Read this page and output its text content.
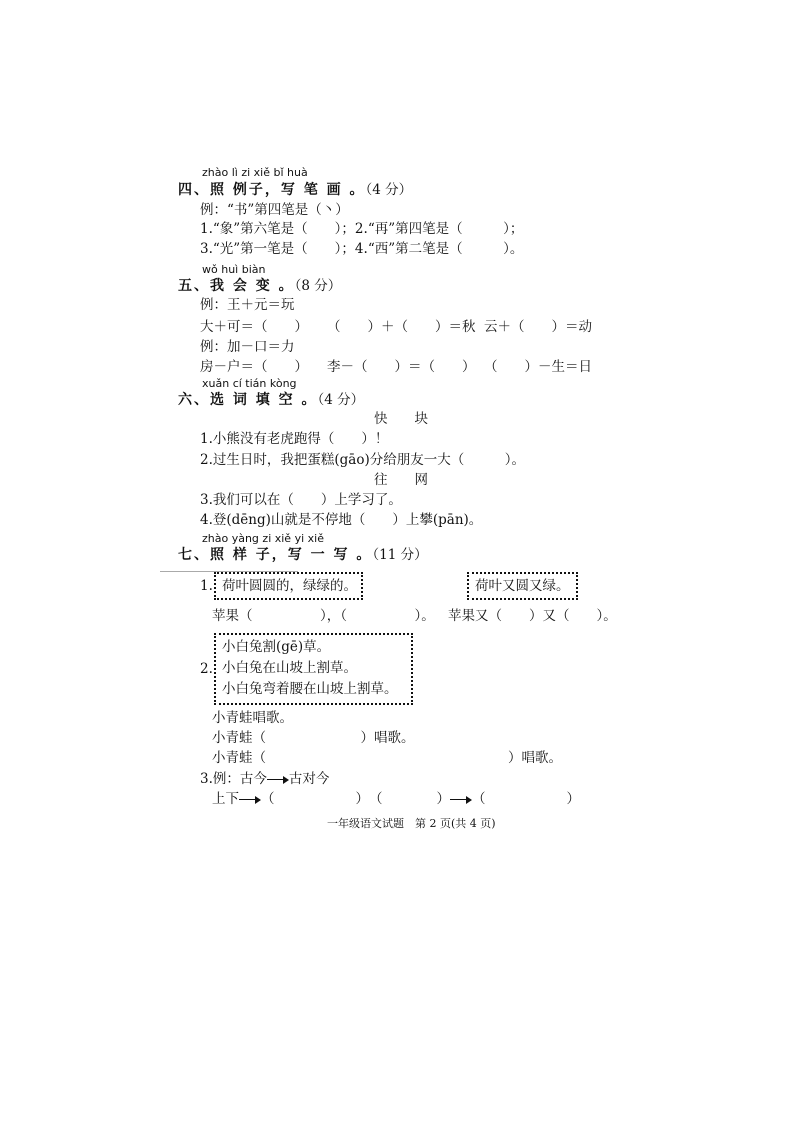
zhào lì zi xiě bǐ huà
四、照 例子，写 笔 画 。（4 分）
例：“书”第四笔是（丶）
1.“象”第六笔是（　　）；2.“再”第四笔是（　　　）；
3.“光”第一笔是（　　）；4.“西”第二笔是（　　　）。
wǒ huì biàn
五、我 会 变 。（8 分）
例：王＋元＝玩
大＋可＝（　　） （　　）＋（　　）＝秋 云＋（　　）＝动
例：加－口＝力
房－户＝（　　） 李－（　　）＝（　　） （　　）－生＝日
xuǎn cí tián kòng
六、选 词 填 空 。（4 分）
快　　块
1.小熊没有老虎跑得（　　）！
2.过生日时，我把蛋糕(gāo)分给朋友一大（　　　）。
往　　网
3.我们可以在（　　）上学习了。
4.登(dēng)山就是不停地（　　）上攀(pān)。
zhào yàng zi xiě yi xiě
七、照 样 子，写 一 写 。（11 分）
1. 荷叶圆圆的，绿绿的。	荷叶又圆又绿。
苹果（　　　　　），（　　　　　）。 苹果又（　　）又（　　）。
2.
小白兔割(gē)草。
小白兔在山坡上割草。
小白兔弯着腰在山坡上割草。
小青蛙唱歌。
小青蛙（　　　　　　　）唱歌。
小青蛙（	）唱歌。
3.例：古今 古对今
上下 （　　　　　　）　（　　　　） （　　　　　　）
一年级语文试题　第 2 页(共 4 页)
